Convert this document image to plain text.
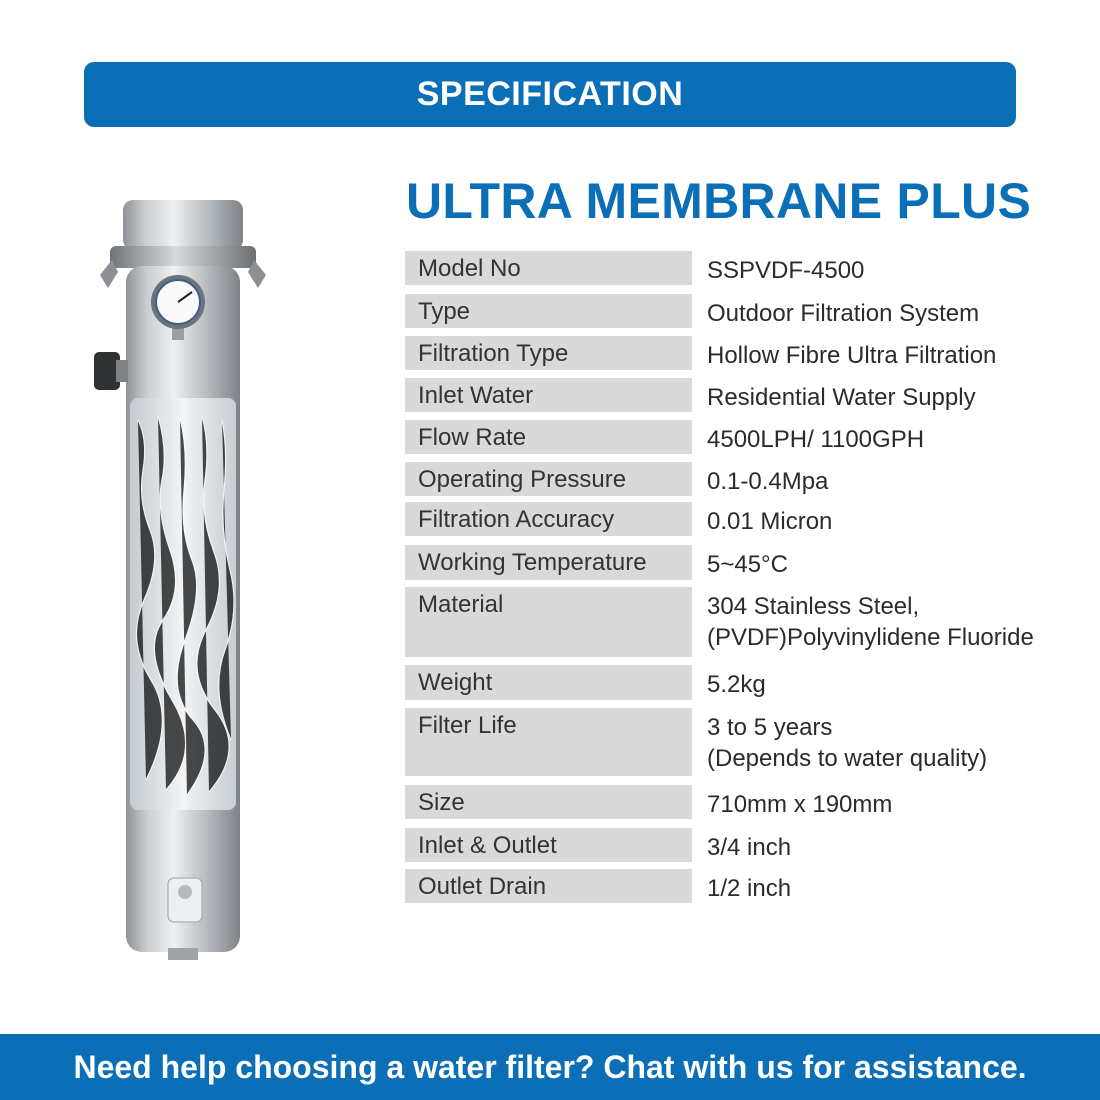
SPECIFICATION
ULTRA MEMBRANE PLUS
Model No	SSPVDF-4500
Type	Outdoor Filtration System
Filtration Type	Hollow Fibre Ultra Filtration
Inlet Water	Residential Water Supply
Flow Rate	4500LPH/ 1100GPH
Operating Pressure	0.1-0.4Mpa
Filtration Accuracy	0.01 Micron
Working Temperature	5~45°C
Material	304 Stainless Steel,
(PVDF)Polyvinylidene Fluoride
Weight	5.2kg
Filter Life	3 to 5 years
(Depends to water quality)
Size	710mm x 190mm
Inlet & Outlet	3/4 inch
Outlet Drain	1/2 inch
Need help choosing a water filter? Chat with us for assistance.
